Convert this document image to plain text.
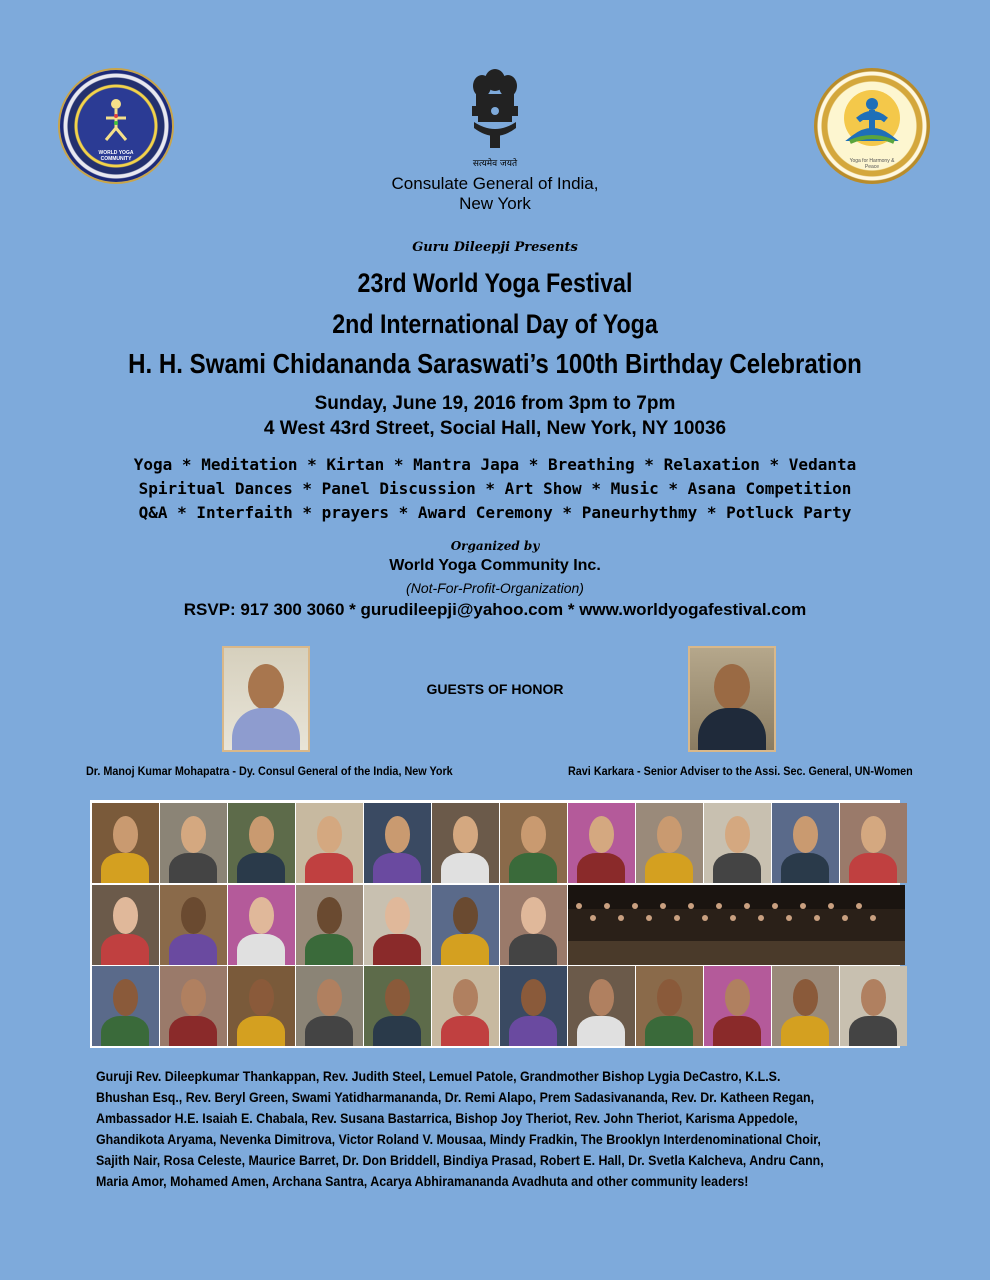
WORLD YOGA COMMUNITY	सत्यमेव जयते	Yoga for Harmony & Peace
Consulate General of India,
New York
Guru Dileepji Presents
23rd World Yoga Festival
2nd International Day of Yoga
H. H. Swami Chidananda Saraswati’s 100th Birthday Celebration
Sunday, June 19, 2016 from 3pm to 7pm
4 West 43rd Street, Social Hall, New York, NY 10036
Yoga * Meditation * Kirtan * Mantra Japa * Breathing * Relaxation * Vedanta
Spiritual Dances * Panel Discussion * Art Show * Music * Asana Competition
Q&A * Interfaith * prayers * Award Ceremony * Paneurhythmy * Potluck Party
Organized by
World Yoga Community Inc.
(Not-For-Profit-Organization)
RSVP: 917 300 3060 * gurudileepji@yahoo.com * www.worldyogafestival.com
GUESTS OF HONOR
Dr. Manoj Kumar Mohapatra - Dy. Consul General of the India, New York	Ravi Karkara - Senior Adviser to the Assi. Sec. General, UN-Women
Guruji Rev. Dileepkumar Thankappan, Rev. Judith Steel, Lemuel Patole, Grandmother Bishop Lygia DeCastro, K.L.S. Bhushan Esq., Rev. Beryl Green, Swami Yatidharmananda, Dr. Remi Alapo, Prem Sadasivananda, Rev. Dr. Katheen Regan, Ambassador H.E. Isaiah E. Chabala, Rev. Susana Bastarrica, Bishop Joy Theriot, Rev. John Theriot, Karisma Appedole, Ghandikota Aryama, Nevenka Dimitrova, Victor Roland V. Mousaa, Mindy Fradkin, The Brooklyn Interdenominational Choir, Sajith Nair, Rosa Celeste, Maurice Barret, Dr. Don Briddell, Bindiya Prasad, Robert E. Hall, Dr. Svetla Kalcheva, Andru Cann, Maria Amor, Mohamed Amen, Archana Santra, Acarya Abhiramananda Avadhuta and other community leaders!
